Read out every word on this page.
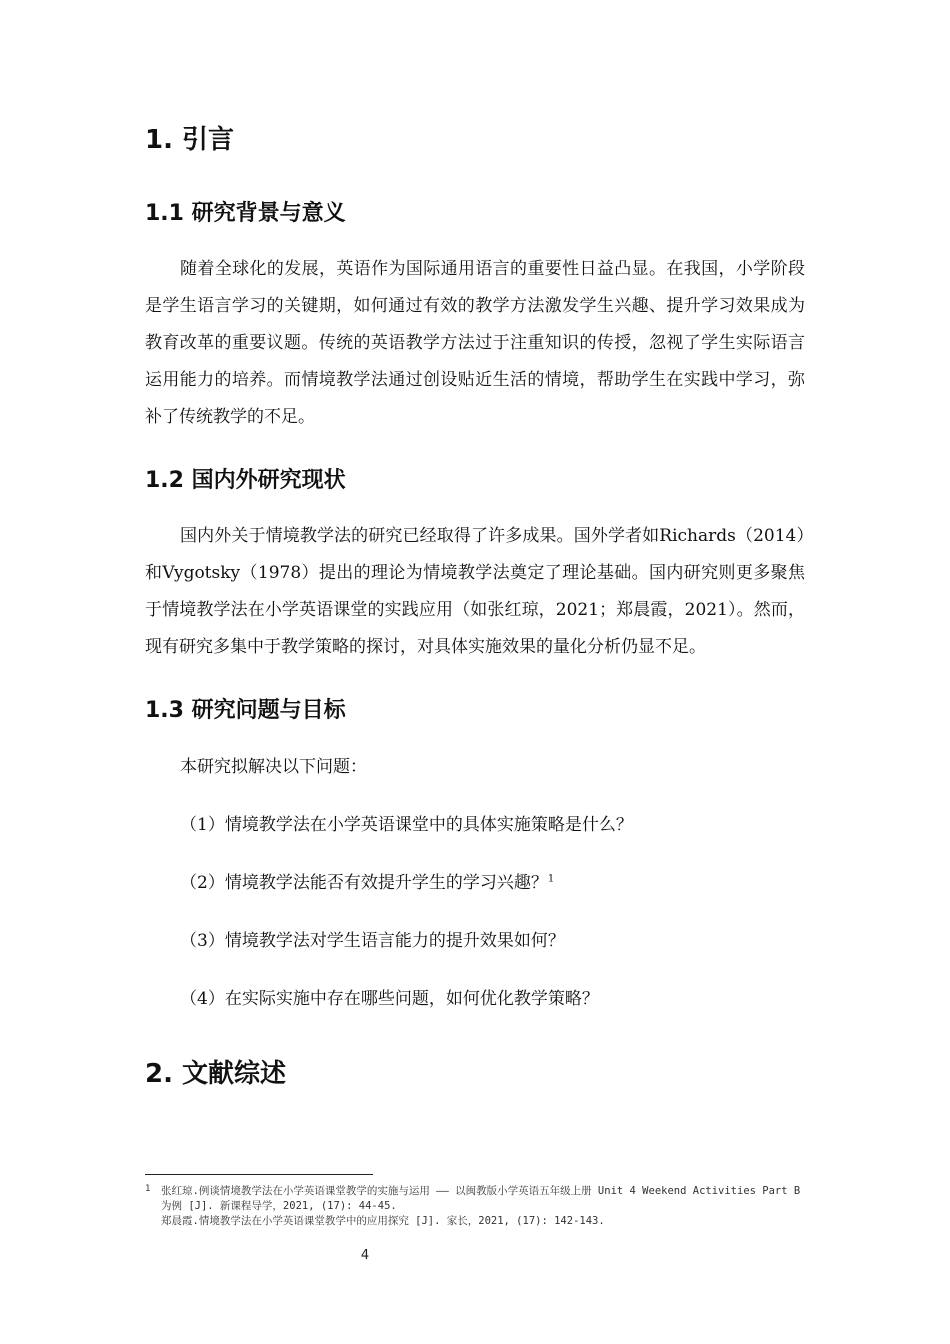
1. 引言
1.1 研究背景与意义

随着全球化的发展，英语作为国际通用语言的重要性日益凸显。在我国，小学阶段是学生语言学习的关键期，如何通过有效的教学方法激发学生兴趣、提升学习效果成为教育改革的重要议题。传统的英语教学方法过于注重知识的传授，忽视了学生实际语言运用能力的培养。而情境教学法通过创设贴近生活的情境，帮助学生在实践中学习，弥补了传统教学的不足。

1.2 国内外研究现状

国内外关于情境教学法的研究已经取得了许多成果。国外学者如Richards（2014）和Vygotsky（1978）提出的理论为情境教学法奠定了理论基础。国内研究则更多聚焦于情境教学法在小学英语课堂的实践应用（如张红琼，2021；郑晨霞，2021）。然而，现有研究多集中于教学策略的探讨，对具体实施效果的量化分析仍显不足。

1.3 研究问题与目标

本研究拟解决以下问题：

（1）情境教学法在小学英语课堂中的具体实施策略是什么？

（2）情境教学法能否有效提升学生的学习兴趣？$^1$

（3）情境教学法对学生语言能力的提升效果如何？

（4）在实际实施中存在哪些问题，如何优化教学策略？

2. 文献综述
1	张红琼.例谈情境教学法在小学英语课堂教学的实施与运用 —— 以闽教版小学英语五年级上册 Unit 4 Weekend Activities Part B 为例 [J]. 新课程导学，2021, (17): 44-45.
郑晨霞.情境教学法在小学英语课堂教学中的应用探究 [J]. 家长，2021, (17): 142-143.
4
